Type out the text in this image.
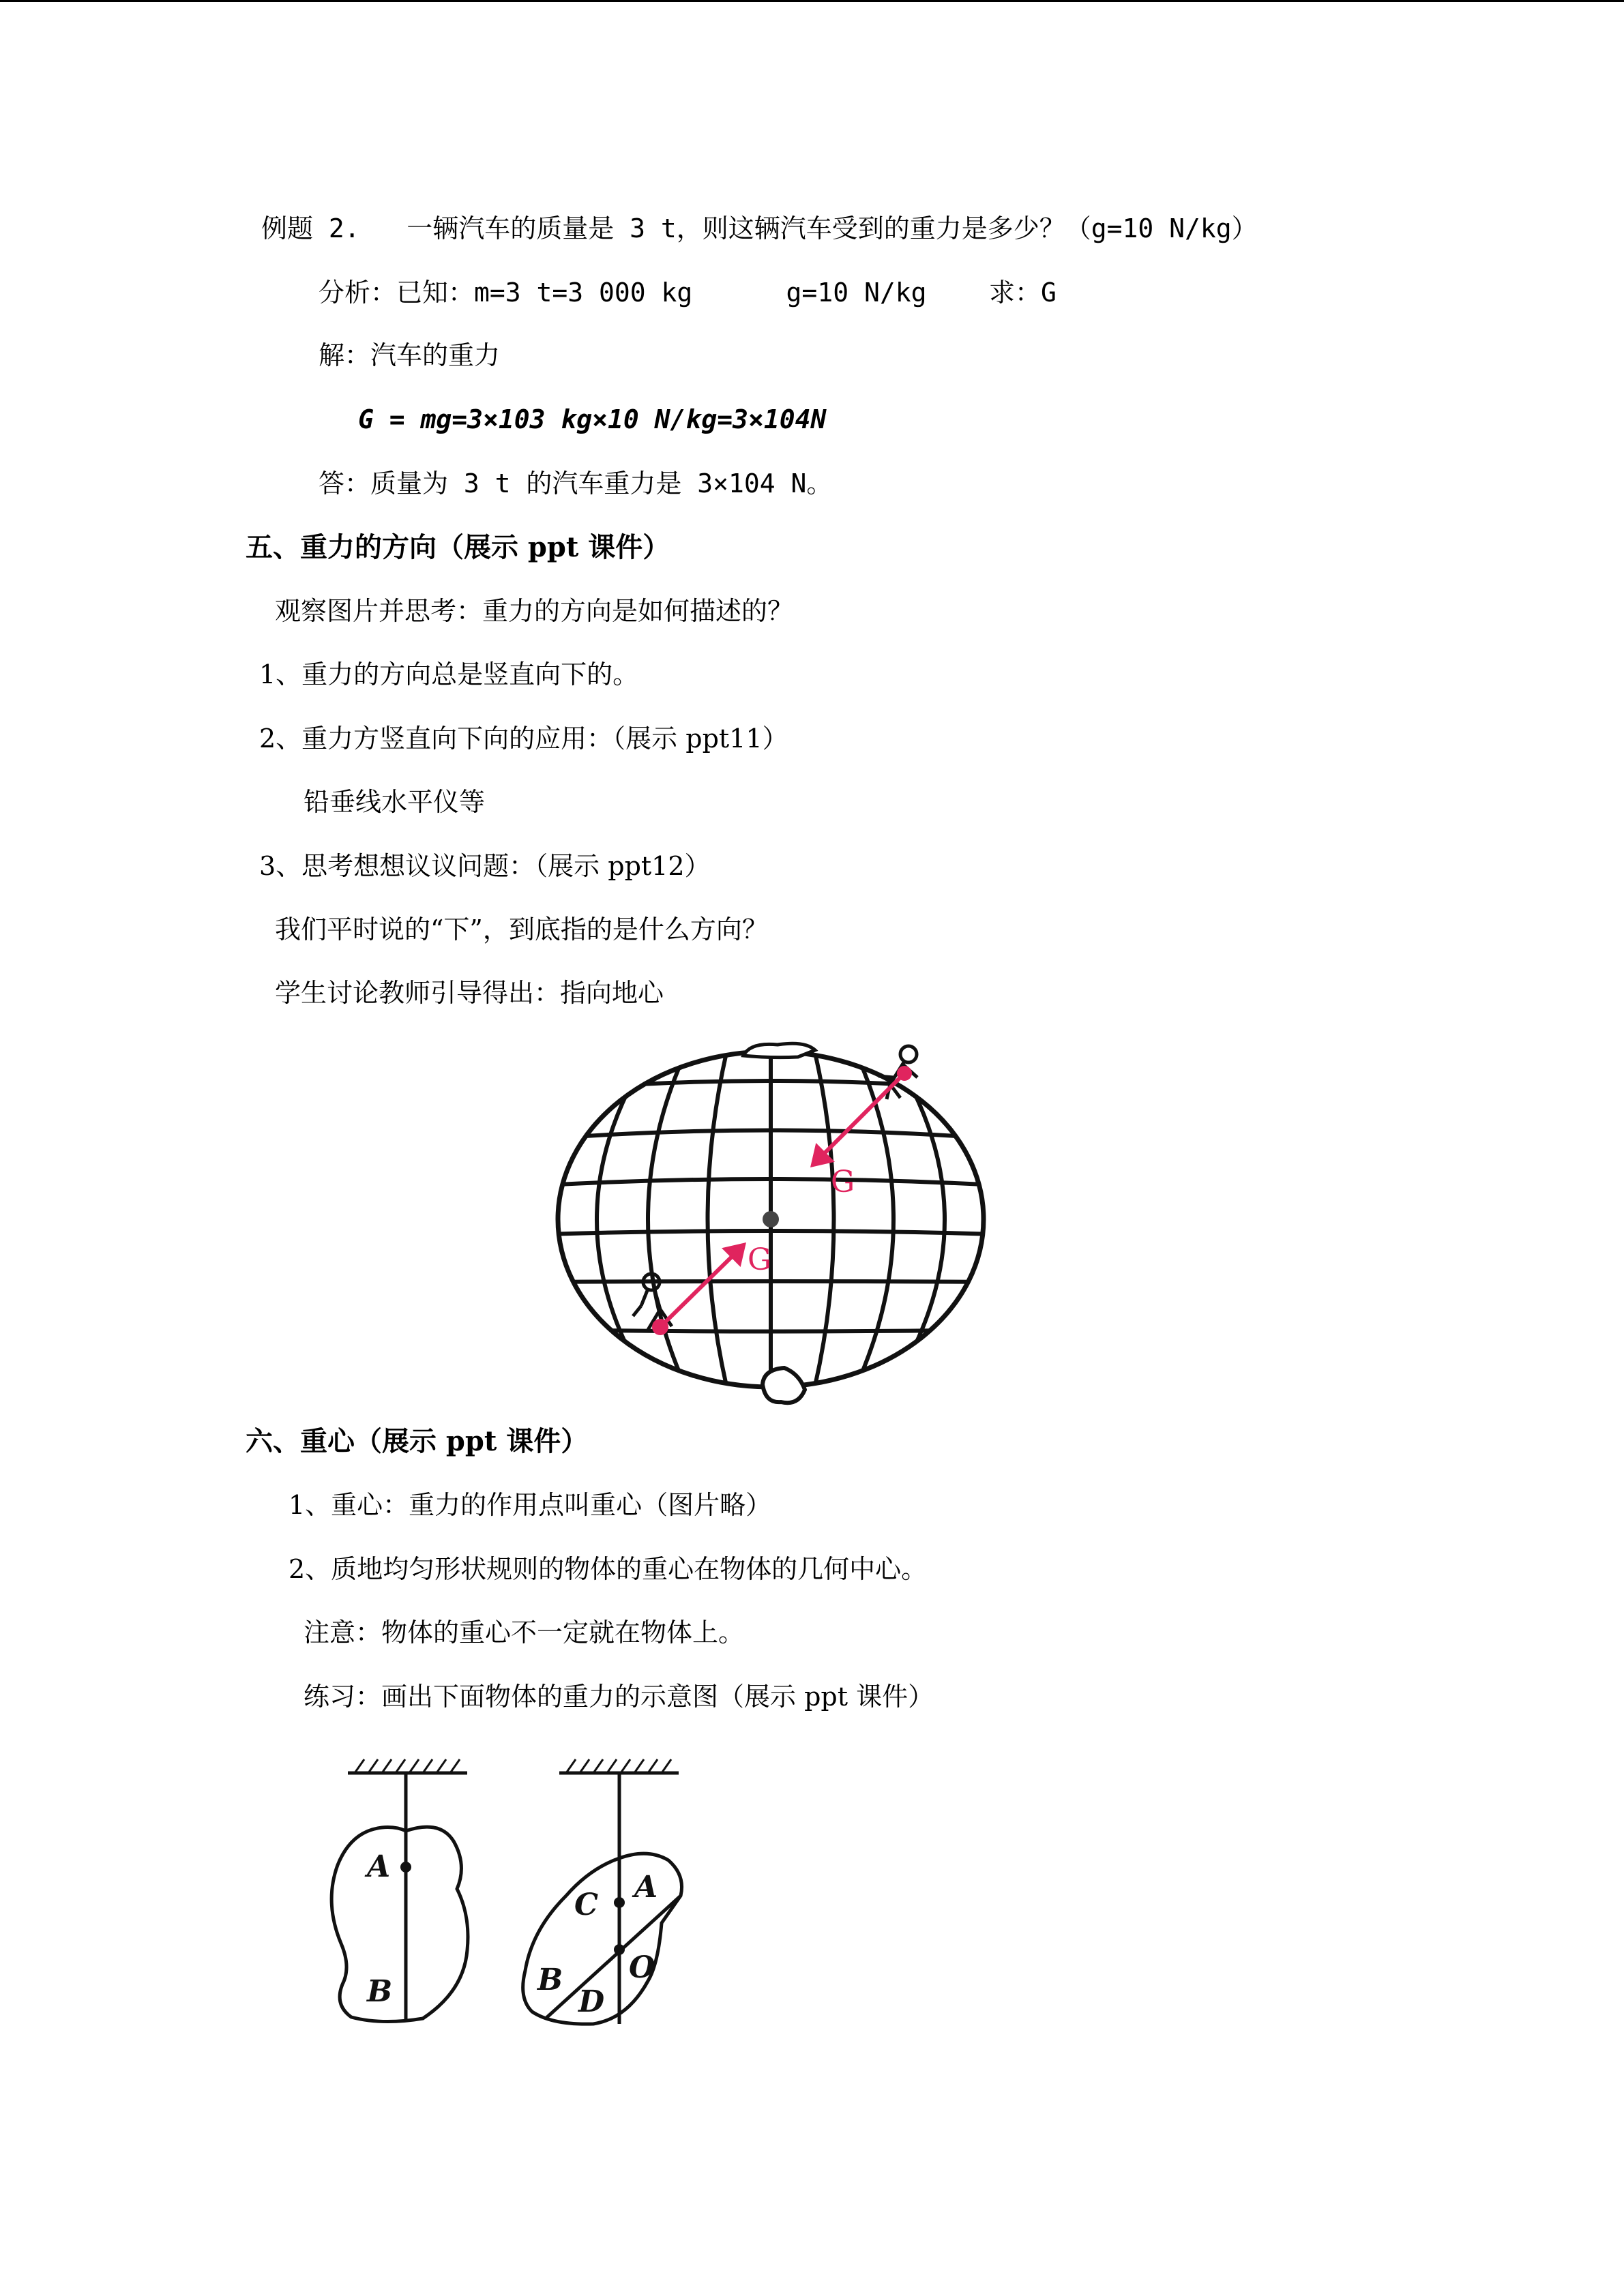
例题 2.   一辆汽车的质量是 3 t，则这辆汽车受到的重力是多少？（g=10 N/kg）
分析：已知：m=3 t=3 000 kg      g=10 N/kg    求：G
解：汽车的重力
G = mg=3×103 kg×10 N/kg=3×104N
答：质量为 3 t 的汽车重力是 3×104 N。
五、重力的方向（展示 ppt 课件）
观察图片并思考：重力的方向是如何描述的？
1、重力的方向总是竖直向下的。
2、重力方竖直向下向的应用：（展示 ppt11）
铅垂线水平仪等
3、思考想想议议问题：（展示 ppt12）
我们平时说的“下”，到底指的是什么方向？
学生讨论教师引导得出：指向地心
G
G
六、重心（展示 ppt 课件）
1、重心：重力的作用点叫重心（图片略）
2、质地均匀形状规则的物体的重心在物体的几何中心。
注意：物体的重心不一定就在物体上。
练习：画出下面物体的重力的示意图（展示 ppt 课件）
A
B
C
A
B
D
O
